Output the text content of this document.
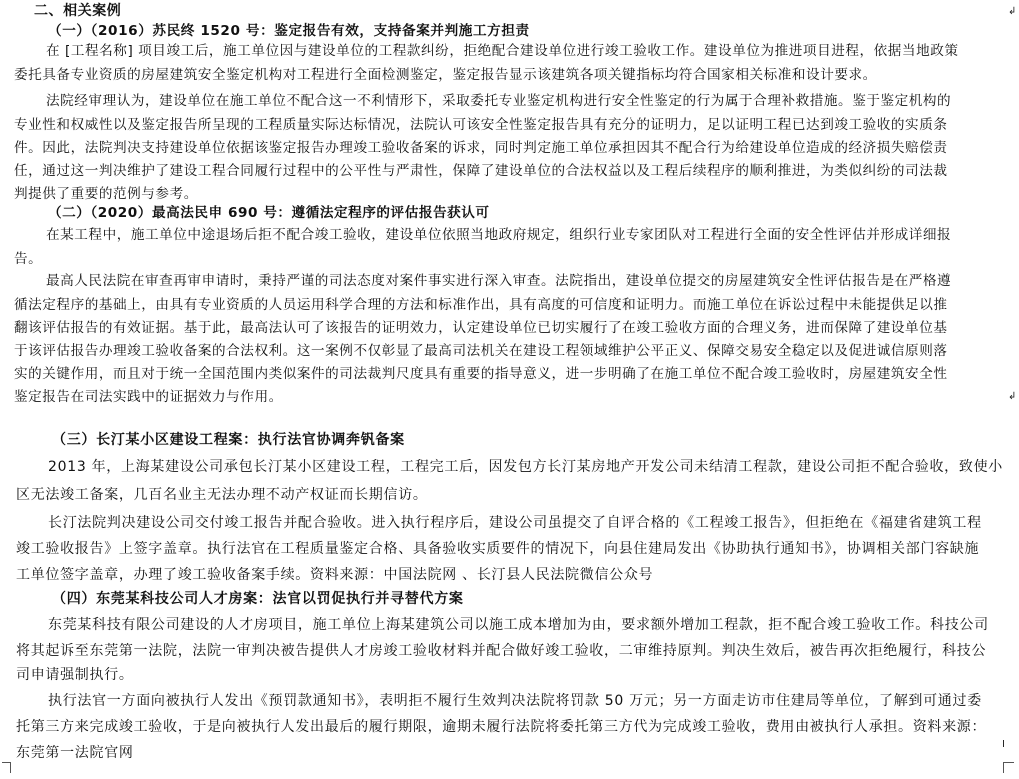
二、相关案例
（一）（2016）苏民终 1520 号：鉴定报告有效，支持备案并判施工方担责
在 [工程名称] 项目竣工后，施工单位因与建设单位的工程款纠纷，拒绝配合建设单位进行竣工验收工作。建设单位为推进项目进程，依据当地政策
委托具备专业资质的房屋建筑安全鉴定机构对工程进行全面检测鉴定，鉴定报告显示该建筑各项关键指标均符合国家相关标准和设计要求。
法院经审理认为，建设单位在施工单位不配合这一不利情形下，采取委托专业鉴定机构进行安全性鉴定的行为属于合理补救措施。鉴于鉴定机构的
专业性和权威性以及鉴定报告所呈现的工程质量实际达标情况，法院认可该安全性鉴定报告具有充分的证明力，足以证明工程已达到竣工验收的实质条
件。因此，法院判决支持建设单位依据该鉴定报告办理竣工验收备案的诉求，同时判定施工单位承担因其不配合行为给建设单位造成的经济损失赔偿责
任，通过这一判决维护了建设工程合同履行过程中的公平性与严肃性，保障了建设单位的合法权益以及工程后续程序的顺利推进，为类似纠纷的司法裁
判提供了重要的范例与参考。
（二）（2020）最高法民申 690 号：遵循法定程序的评估报告获认可
在某工程中，施工单位中途退场后拒不配合竣工验收，建设单位依照当地政府规定，组织行业专家团队对工程进行全面的安全性评估并形成详细报
告。
最高人民法院在审查再审申请时，秉持严谨的司法态度对案件事实进行深入审查。法院指出，建设单位提交的房屋建筑安全性评估报告是在严格遵
循法定程序的基础上，由具有专业资质的人员运用科学合理的方法和标准作出，具有高度的可信度和证明力。而施工单位在诉讼过程中未能提供足以推
翻该评估报告的有效证据。基于此，最高法认可了该报告的证明效力，认定建设单位已切实履行了在竣工验收方面的合理义务，进而保障了建设单位基
于该评估报告办理竣工验收备案的合法权利。这一案例不仅彰显了最高司法机关在建设工程领域维护公平正义、保障交易安全稳定以及促进诚信原则落
实的关键作用，而且对于统一全国范围内类似案件的司法裁判尺度具有重要的指导意义，进一步明确了在施工单位不配合竣工验收时，房屋建筑安全性
鉴定报告在司法实践中的证据效力与作用。
（三）长汀某小区建设工程案：执行法官协调奔钒备案
2013 年，上海某建设公司承包长汀某小区建设工程，工程完工后，因发包方长汀某房地产开发公司未结清工程款，建设公司拒不配合验收，致使小
区无法竣工备案，几百名业主无法办理不动产权证而长期信访。
长汀法院判决建设公司交付竣工报告并配合验收。进入执行程序后，建设公司虽提交了自评合格的《工程竣工报告》，但拒绝在《福建省建筑工程
竣工验收报告》上签字盖章。执行法官在工程质量鉴定合格、具备验收实质要件的情况下，向县住建局发出《协助执行通知书》，协调相关部门容缺施
工单位签字盖章，办理了竣工验收备案手续。资料来源：中国法院网 、长汀县人民法院微信公众号
（四）东莞某科技公司人才房案：法官以罚促执行并寻替代方案
东莞某科技有限公司建设的人才房项目，施工单位上海某建筑公司以施工成本增加为由，要求额外增加工程款，拒不配合竣工验收工作。科技公司
将其起诉至东莞第一法院，法院一审判决被告提供人才房竣工验收材料并配合做好竣工验收，二审维持原判。判决生效后，被告再次拒绝履行，科技公
司申请强制执行。
执行法官一方面向被执行人发出《预罚款通知书》，表明拒不履行生效判决法院将罚款 50 万元；另一方面走访市住建局等单位，了解到可通过委
托第三方来完成竣工验收，于是向被执行人发出最后的履行期限，逾期未履行法院将委托第三方代为完成竣工验收，费用由被执行人承担。资料来源：
东莞第一法院官网
↲
↲
I
